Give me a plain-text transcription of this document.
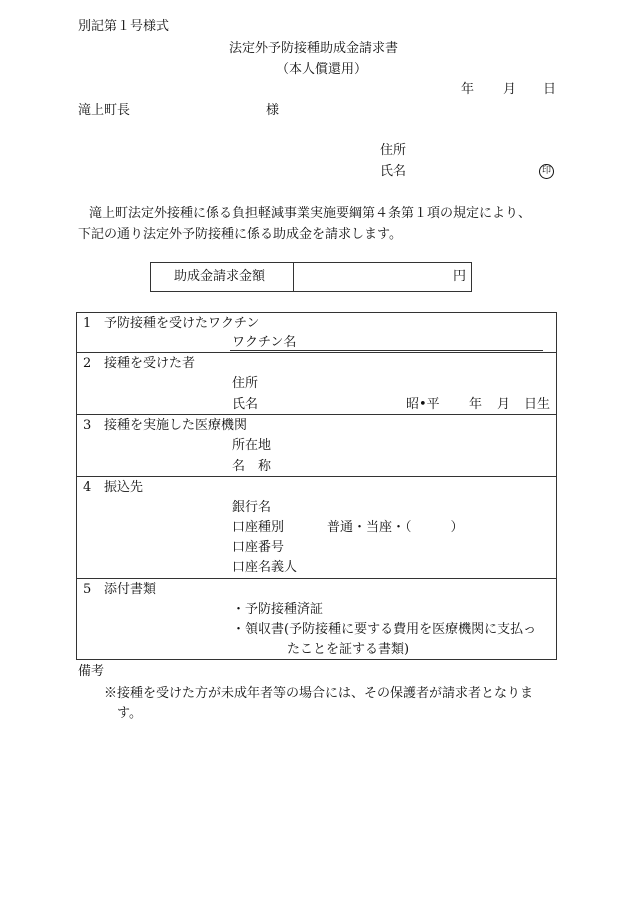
別記第１号様式
法定外予防接種助成金請求書
（本人償還用）
年 月 日
滝上町長	様
住所
氏名	印
滝上町法定外接種に係る負担軽減事業実施要綱第４条第１項の規定により、
下記の通り法定外予防接種に係る助成金を請求します。
助成金請求金額	円
1 予防接種を受けたワクチン
ワクチン名
2 接種を受けた者
住所
氏名	昭•平 年 月 日生
3 接種を実施した医療機関
所在地
名　称
4 振込先
銀行名
口座種別	普通・当座・（　　　）
口座番号
口座名義人
5 添付書類
・予防接種済証
・領収書(予防接種に要する費用を医療機関に支払っ
たことを証する書類)
備考
※接種を受けた方が未成年者等の場合には、その保護者が請求者となりま
す。
